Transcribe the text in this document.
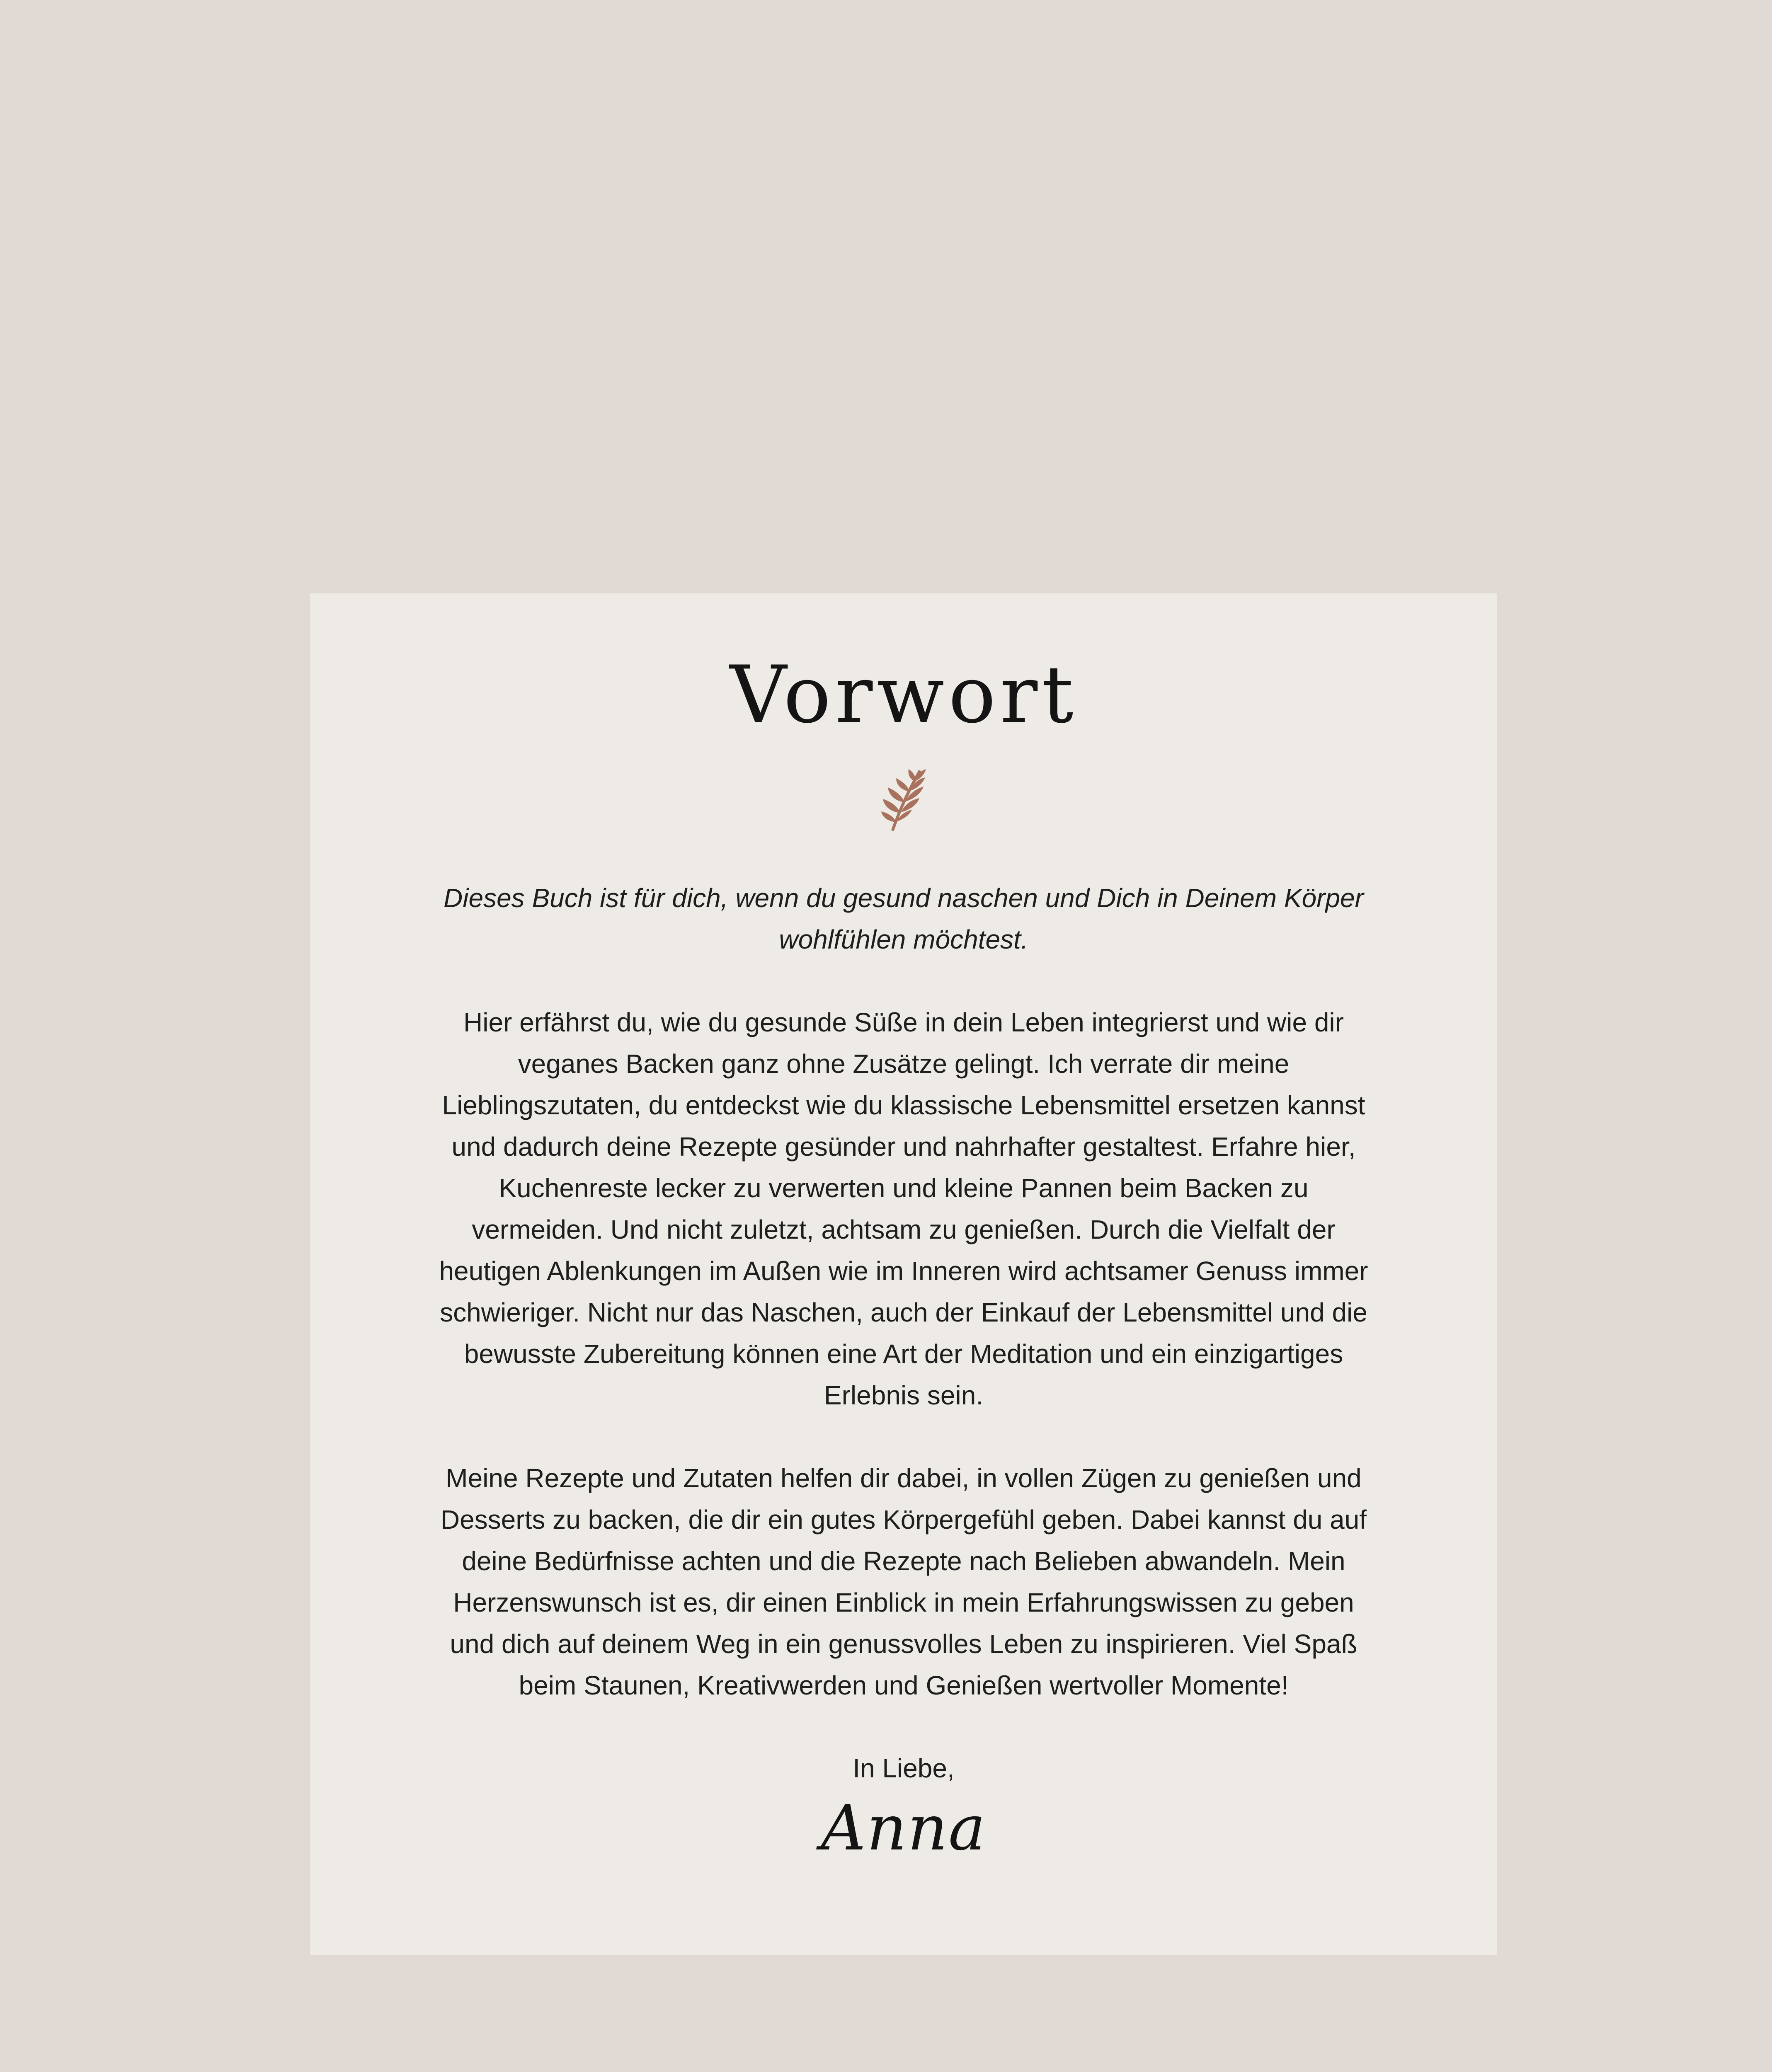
Vorwort

Dieses Buch ist für dich, wenn du gesund naschen und Dich in Deinem Körper wohlfühlen möchtest.

Hier erfährst du, wie du gesunde Süße in dein Leben integrierst und wie dir veganes Backen ganz ohne Zusätze gelingt. Ich verrate dir meine Lieblingszutaten, du entdeckst wie du klassische Lebensmittel ersetzen kannst und dadurch deine Rezepte gesünder und nahrhafter gestaltest. Erfahre hier, Kuchenreste lecker zu verwerten und kleine Pannen beim Backen zu vermeiden. Und nicht zuletzt, achtsam zu genießen. Durch die Vielfalt der heutigen Ablenkungen im Außen wie im Inneren wird achtsamer Genuss immer schwieriger. Nicht nur das Naschen, auch der Einkauf der Lebensmittel und die bewusste Zubereitung können eine Art der Meditation und ein einzigartiges Erlebnis sein.

Meine Rezepte und Zutaten helfen dir dabei, in vollen Zügen zu genießen und Desserts zu backen, die dir ein gutes Körpergefühl geben. Dabei kannst du auf deine Bedürfnisse achten und die Rezepte nach Belieben abwandeln. Mein Herzenswunsch ist es, dir einen Einblick in mein Erfahrungswissen zu geben und dich auf deinem Weg in ein genussvolles Leben zu inspirieren. Viel Spaß beim Staunen, Kreativwerden und Genießen wertvoller Momente!

In Liebe,

Anna
